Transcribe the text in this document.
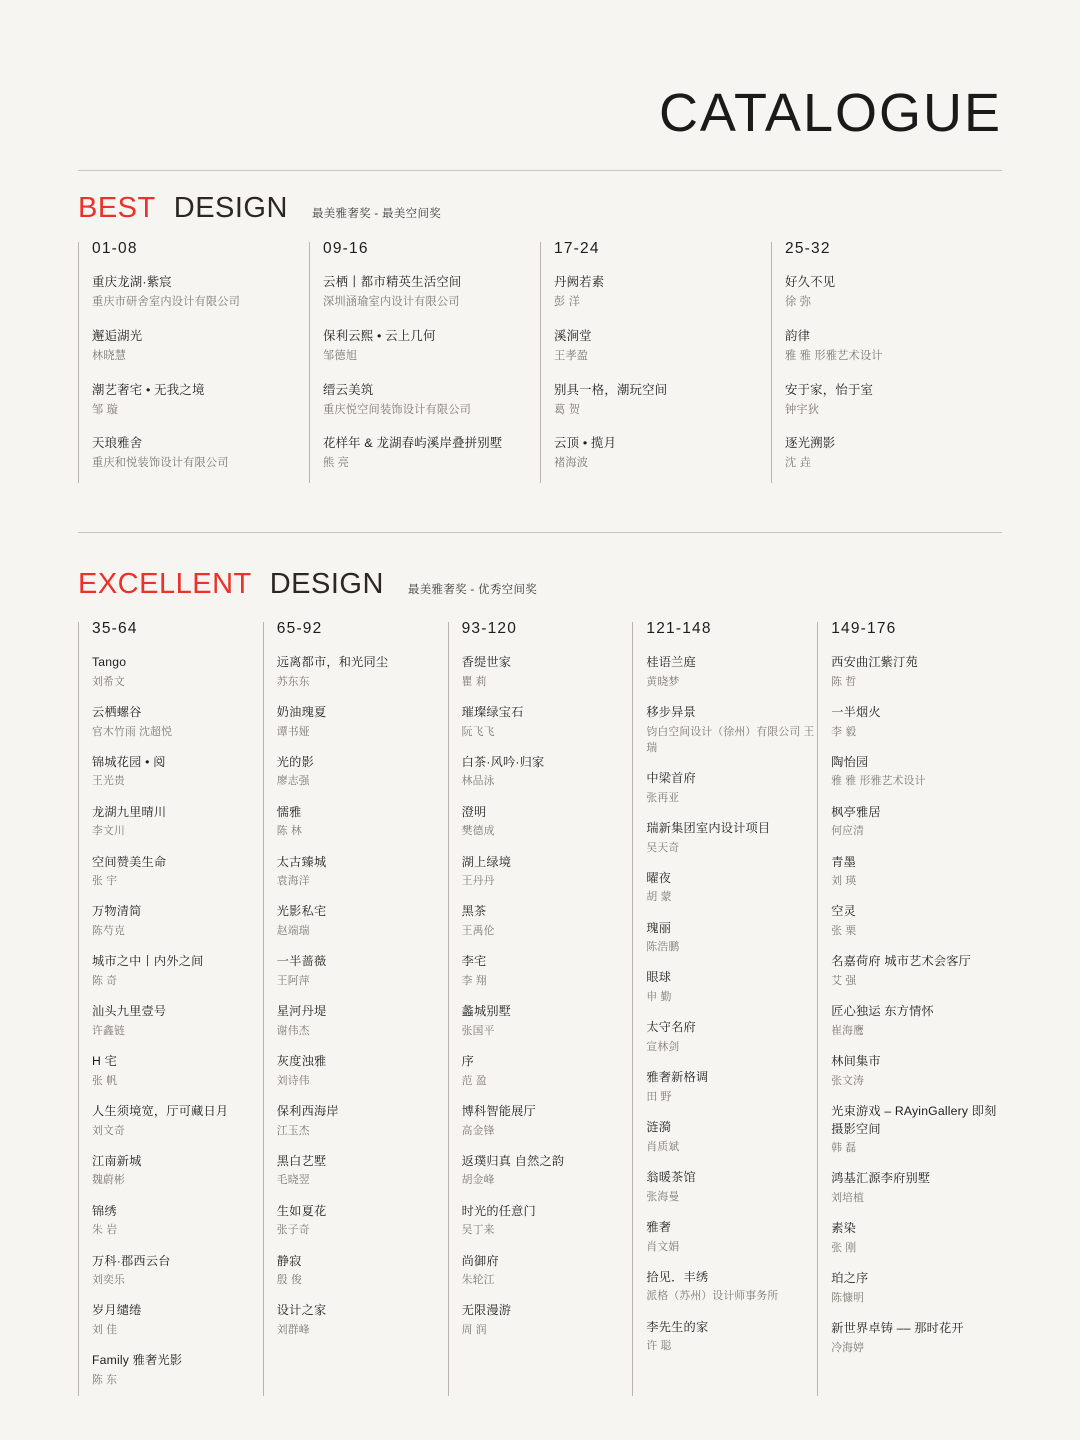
CATALOGUE
BEST DESIGN 最美雅奢奖 - 最美空间奖
01-08
重庆龙湖·紫宸
重庆市研舍室内设计有限公司
邂逅湖光
林晓慧
潮艺奢宅 • 无我之境
邹 璇
天琅雅舍
重庆和悦装饰设计有限公司
09-16
云栖丨都市精英生活空间
深圳涵瑜室内设计有限公司
保利云熙 • 云上几何
邹德旭
缙云美筑
重庆悦空间装饰设计有限公司
花样年 & 龙湖春屿溪岸叠拼别墅
熊 亮
17-24
丹阙若素
彭 洋
溪涧堂
王孝盈
别具一格，潮玩空间
葛 贺
云顶 • 揽月
褚海波
25-32
好久不见
徐 弥
韵律
雅 雅 形雅艺术设计
安于家，怡于室
钟宇狄
逐光溯影
沈 垚
EXCELLENT DESIGN 最美雅奢奖 - 优秀空间奖
35-64
Tango
刘希文
云栖螺谷
官木竹雨 沈超悦
锦城花园 • 阅
王光贵
龙湖九里晴川
李文川
空间赞美生命
张 宇
万物清简
陈芍克
城市之中丨内外之间
陈 奇
汕头九里壹号
许鑫链
H 宅
张 帆
人生须境宽，厅可藏日月
刘文奇
江南新城
魏蔚彬
锦绣
朱 岩
万科·郡西云台
刘奕乐
岁月缱绻
刘 佳
Family 雅奢光影
陈 东
65-92
远离都市，和光同尘
苏东东
奶油瑰夏
谭书娅
光的影
廖志强
懦雅
陈 林
太古臻城
袁海洋
光影私宅
赵端瑞
一半蔷薇
王阿萍
星河丹堤
谢伟杰
灰度浊雅
刘诗伟
保利西海岸
江玉杰
黑白艺墅
毛晓翌
生如夏花
张子奇
静寂
殷 俊
设计之家
刘群峰
93-120
香缇世家
瞿 莉
璀璨绿宝石
阮飞飞
白茶·风吟·归家
林品泳
澄明
樊德成
湖上绿境
王丹丹
黑茶
王禹伦
李宅
李 翔
蠡城别墅
张国平
序
范 盈
博科智能展厅
高金锋
返璞归真 自然之韵
胡金峰
时光的任意门
吴丁来
尚御府
朱轮江
无限漫游
周 润
121-148
桂语兰庭
黄晓梦
移步异景
钧白空间设计（徐州）有限公司 王 瑞
中梁首府
张再亚
瑞新集团室内设计项目
吴天奇
曜夜
胡 蒙
瑰丽
陈浩鹏
眼球
申 勤
太守名府
宣林剑
雅奢新格调
田 野
涟漪
肖质斌
翁暖茶馆
张海曼
雅奢
肖文娟
拾见．丰绣
派格（苏州）设计师事务所
李先生的家
许 聪
149-176
西安曲江紫汀苑
陈 哲
一半烟火
李 毅
陶怡园
雅 雅 形雅艺术设计
枫亭雅居
何应清
青墨
刘 瑛
空灵
张 栗
名嘉荷府 城市艺术会客厅
艾 强
匠心独运 东方情怀
崔海鹰
林间集市
张文涛
光束游戏 – RAyinGallery 即刻摄影空间
韩 磊
鸿基汇源李府别墅
刘培植
素染
张 刚
珀之序
陈慷明
新世界卓铸 –– 那时花开
冷海婷
